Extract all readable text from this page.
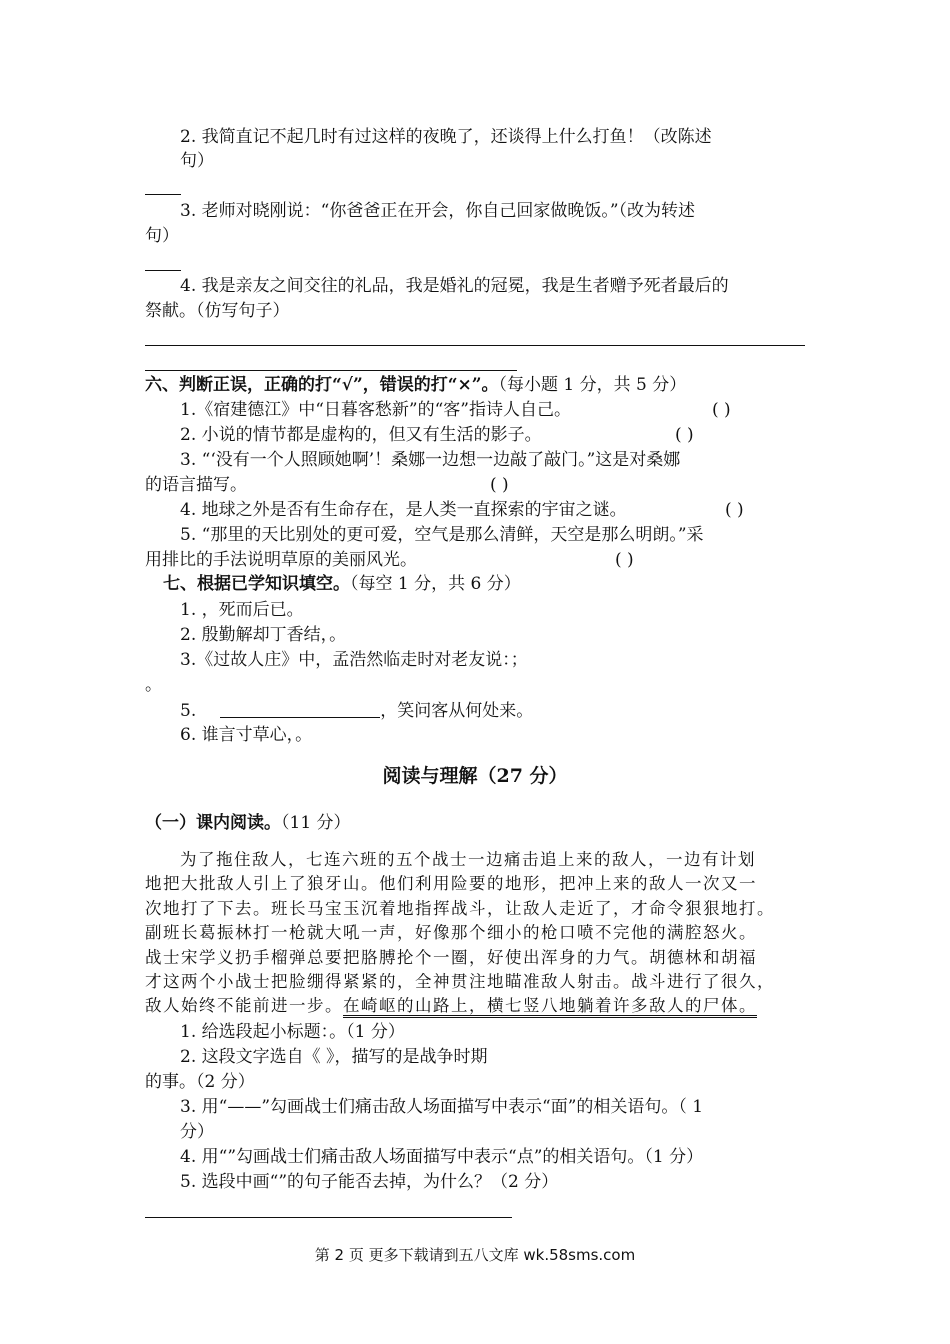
2. 我简直记不起几时有过这样的夜晚了，还谈得上什么打鱼！（改陈述
句）
3. 老师对晓刚说：“你爸爸正在开会，你自己回家做晚饭。”（改为转述
句）
4. 我是亲友之间交往的礼品，我是婚礼的冠冕，我是生者赠予死者最后的
祭献。（仿写句子）
六、判断正误，正确的打“√”，错误的打“×”。（每小题 1 分，共 5 分）
1.《宿建德江》中“日暮客愁新”的“客”指诗人自己。	( )
2. 小说的情节都是虚构的，但又有生活的影子。	( )
3. “‘没有一个人照顾她啊’！桑娜一边想一边敲了敲门。”这是对桑娜
的语言描写。	( )
4. 地球之外是否有生命存在，是人类一直探索的宇宙之谜。	( )
5. “那里的天比别处的更可爱，空气是那么清鲜，天空是那么明朗。”采
用排比的手法说明草原的美丽风光。	( )
七、根据已学知识填空。（每空 1 分，共 6 分）
1. ，死而后已。
2. 殷勤解却丁香结，。
3.《过故人庄》中，孟浩然临走时对老友说：；
。
5.	，笑问客从何处来。
6. 谁言寸草心，。
阅读与理解（27 分）
（一）课内阅读。（11 分）
为了拖住敌人，七连六班的五个战士一边痛击追上来的敌人，一边有计划
地把大批敌人引上了狼牙山。他们利用险要的地形，把冲上来的敌人一次又一
次地打了下去。班长马宝玉沉着地指挥战斗，让敌人走近了，才命令狠狠地打。
副班长葛振林打一枪就大吼一声，好像那个细小的枪口喷不完他的满腔怒火。
战士宋学义扔手榴弹总要把胳膊抡个一圈，好使出浑身的力气。胡德林和胡福
才这两个小战士把脸绷得紧紧的，全神贯注地瞄准敌人射击。战斗进行了很久，
敌人始终不能前进一步。在崎岖的山路上，横七竖八地躺着许多敌人的尸体。
1. 给选段起小标题：。（1 分）
2. 这段文字选自《 》，描写的是战争时期
的事。（2 分）
3. 用“——”勾画战士们痛击敌人场面描写中表示“面”的相关语句。（ 1
分）
4. 用“”勾画战士们痛击敌人场面描写中表示“点”的相关语句。（1 分）
5. 选段中画“”的句子能否去掉，为什么？（2 分）
第 2 页 更多下载请到五八文库 wk.58sms.com
